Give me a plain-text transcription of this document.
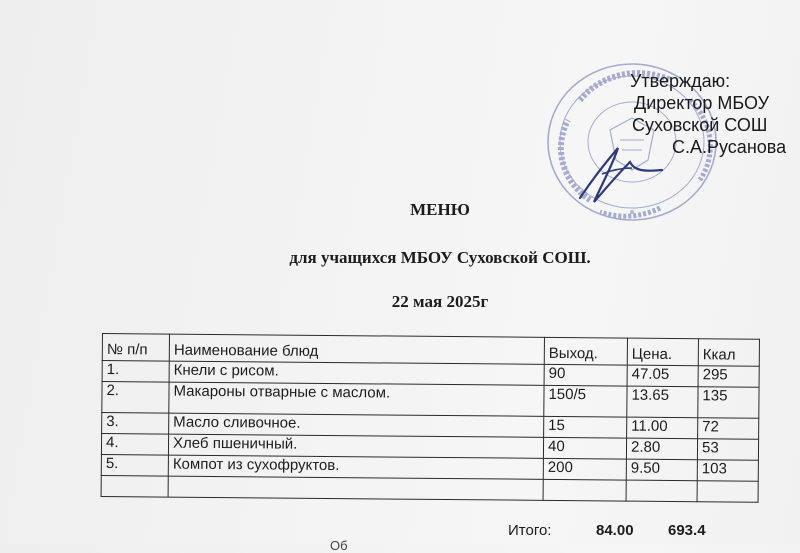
Утверждаю:
Директор МБОУ
Суховской СОШ
С.А.Русанова
МЕНЮ
для учащихся МБОУ Суховской СОШ.
22 мая 2025г
№ п/п	Наименование блюд	Выход.	Цена.	Ккал
1.	Кнели с рисом.	90	47.05	295
2.	Макароны отварные с маслом.	150/5	13.65	135
3.	Масло сливочное.	15	11.00	72
4.	Хлеб пшеничный.	40	2.80	53
5.	Компот из сухофруктов.	200	9.50	103

Итого:	84.00 693.4
Об
